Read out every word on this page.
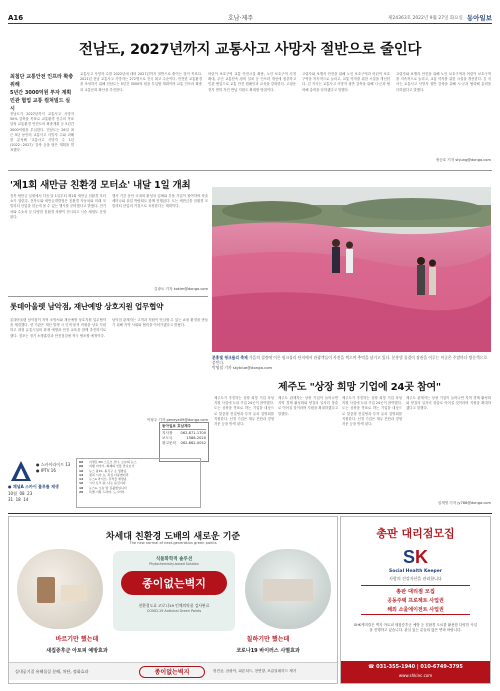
A16	호남·제주	제24363호 2022년 9월 27일 화요일 동아일보
전남도, 2027년까지 교통사고 사망자 절반으로 줄인다
최첨단 교통안전 인프라 확충 위해
5년간 3000억원 투자 계획
민관 협업 교통 컬쳐빌드 실시
전남도가 2027년까지 교통사고 사망자 50% 감축을 목표로 교통환경 전주의 목표달성 교통환경 안전도의 확충계획 등 5년간 3000억원을 투입한다. 전남도는 26일 최근 5년 동안의 교통사고 사망자 수와 피해를 분석해 '교통사고 사망자 수 1년(2022∼2027)' 감축 등을 담은 계획을 발표했다.
교통사고 사망자 수를 2022년에 대비 2027년까지 절반으로 줄이는 것이 목표다. 2021년 전남 교통사고 사망자는 272명으로 전국 최고 수준이다. 안전한 교통환경을 조성하기 위해 전남도는 5년간 3000억 원을 투입할 계획이며 교통 인프라 확충과 교통문화 확산을 추진한다.
어린이 보호구역 교통 안전시설 확충, 노인 보호구역 지정 확대, 무인 교통단속 장비 설치 등 인프라 개선에 집중하고 민관 협업으로 교통 안전 캠페인과 교육을 강화한다. 고령운전자 면허 자진 반납 지원도 확대할 방침이다.
고령자와 보행자 안전을 위해 노인 보호구역과 어린이 보호구역을 지속적으로 늘리고, 교통 약자를 위한 시설을 개선한다. 김 지사는 교통사고 사망자 절반 감축을 위해 시·군과 협력해 총력을 다하겠다고 말했다.
고령자와 보행자 안전을 위해 노인 보호구역과 어린이 보호구역을 지속적으로 늘리고, 교통 약자를 위한 시설을 개선한다. 김 지사는 교통사고 사망자 절반 감축을 위해 시·군과 협력해 총력을 다하겠다고 말했다.
정승호 기자 shjung@donga.com
'제1회 새만금 친환경 모터쇼' 내달 1일 개최
전북 새만금 일원에서 다음 달 1일부터 제1회 새만금 친환경 모터쇼가 열린다. 전북도와 새만금개발청은 친환경 자동차와 미래 모빌리티 산업을 한눈에 볼 수 있는 행사를 준비했다고 밝혔다. 전기차와 수소차 등 다양한 친환경 차량이 전시되고 시승 체험도 운영된다.
행사 기간 동안 국내외 완성차 업체와 부품 기업이 참여하며 학술 세미나와 취업 박람회도 함께 진행된다. 도는 새만금을 친환경 모빌리티 산업의 거점으로 육성한다는 계획이다.
김광오 기자 kokim@donga.com
분홍빛 핑크뮬리 축제 가을의 절정에 이른 핑크뮬리 단지에서 관광객들이 사진을 찍으며 추억을 남기고 있다. 분홍빛 물결이 장관을 이루는 이곳은 주말마다 방문객으로 붐빈다.
박영철 기자 skyblue@donga.com
롯데아울렛 남악점, 재난예방 상호지원 업무협약
롯데아울렛 남악점이 지역 소방서와 재난예방 상호지원 업무협약을 체결했다. 양 기관은 재난 발생 시 인적·물적 자원을 상호 지원하고 대형 유통시설의 화재 예방과 안전 교육을 함께 추진하기로 했다. 점포는 정기 소방훈련과 안전점검에 적극 협조할 예정이다.
남악점 관계자는 고객과 직원이 안심할 수 있는 쇼핑 환경을 만들기 위해 지역 사회와 협력을 이어가겠다고 밝혔다.
이형주 기자 peneye09@donga.com
동아일보 호남제주
지사장 062-871-1700
보도국	1588-2020
광고문의 062-862-0052
제주도 "상장 희망 기업에 24곳 참여"
제주도가 추진하는 상장 희망 기업 육성 지원 사업에 도내 기업 24곳이 참여했다. 도는 상장을 목표로 하는 기업을 대상으로 맞춤형 컨설팅과 투자 유치 설명회를 지원한다. 선정 기업은 재무 진단과 경영 자문 등을 받게 된다.
제주도 관계자는 상장 기업이 늘어나면 지역 경제 활성화와 양질의 일자리 창출로 이어질 것이라며 지원을 확대하겠다고 말했다.
제주도가 추진하는 상장 희망 기업 육성 지원 사업에 도내 기업 24곳이 참여했다. 도는 상장을 목표로 하는 기업을 대상으로 맞춤형 컨설팅과 투자 유치 설명회를 지원한다. 선정 기업은 재무 진단과 경영 자문 등을 받게 된다.
제주도 관계자는 상장 기업이 늘어나면 지역 경제 활성화와 양질의 일자리 창출로 이어질 것이라며 지원을 확대하겠다고 말했다.
임재영 기자 jy788@donga.com
● 스카이라이프 13
● IPTV 16
● 채널A 스카이 블루를 재생
10월 08 23
31 18 14
06	이영돈 PD 스포츠 코너, 오늘의 뉴스
08	여행 이야기, 화제의 인물 만나보기
10	뉴스 톱10, 돌직구 쇼 생방송
12	정치 시사 쇼, 특집 다큐멘터리
14	뉴스A 라이브, 강적들 재방송
16	시사 토크 판, 나는 몸신이다
18	뉴스A, 오늘 밤 김광현입니다
20	특별 기획 드라마, 도시어부
차세대 친환경 도배의 새로운 기준
The new normal of next-generation green paints
식물화학적 솔루션
Phytochemistry-based Solution
종이없는벽지
친환경도료 코로나19 인체의약품 검사완료
COVID-19 Antiviral Green Paints
바르기만 했는데
새집증후군 아토피 예방효과
칠하기만 했는데
코로나19 바이러스 사멸효과
실내공기질 유해물질 분해, 차단, 정화효과	종이없는벽지	항진균, 곰팡이, 피톤치드, 천연향, 포름알데히드 제거
총판 대리점모집
S K
Social Health Keeper
사람의 건강자산을 관리합니다
총판 대리점 모집
공동주택 프로젝트 사업권
해외 소울에이전트 사업권
SHK케미칼은 벽지 아토피 새집증후군 예방 등 친환경 도료를 활용한 다양한 사업을 진행하고 있습니다. 관심 있는 분들의 많은 연락 바랍니다.
☎ 031-355-1940 | 010-6749-3795
www.shkinc.com
